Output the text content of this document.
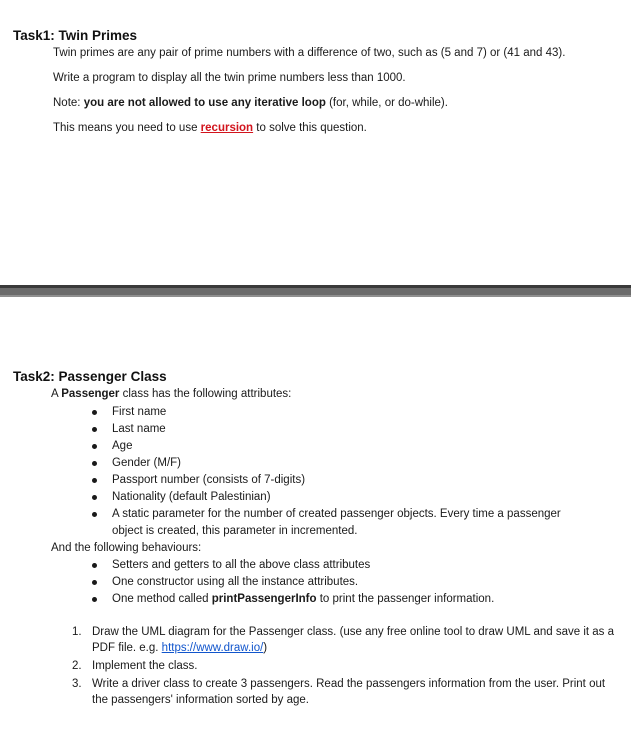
Task1: Twin Primes
Twin primes are any pair of prime numbers with a difference of two, such as (5 and 7) or (41 and 43).
Write a program to display all the twin prime numbers less than 1000.
Note: you are not allowed to use any iterative loop (for, while, or do-while).
This means you need to use recursion to solve this question.
Task2: Passenger Class
A Passenger class has the following attributes:
First name
Last name
Age
Gender (M/F)
Passport number (consists of 7-digits)
Nationality (default Palestinian)
A static parameter for the number of created passenger objects. Every time a passenger object is created, this parameter in incremented.
And the following behaviours:
Setters and getters to all the above class attributes
One constructor using all the instance attributes.
One method called printPassengerInfo to print the passenger information.
1. Draw the UML diagram for the Passenger class. (use any free online tool to draw UML and save it as a PDF file. e.g. https://www.draw.io/)
2. Implement the class.
3. Write a driver class to create 3 passengers. Read the passengers information from the user. Print out the passengers' information sorted by age.
